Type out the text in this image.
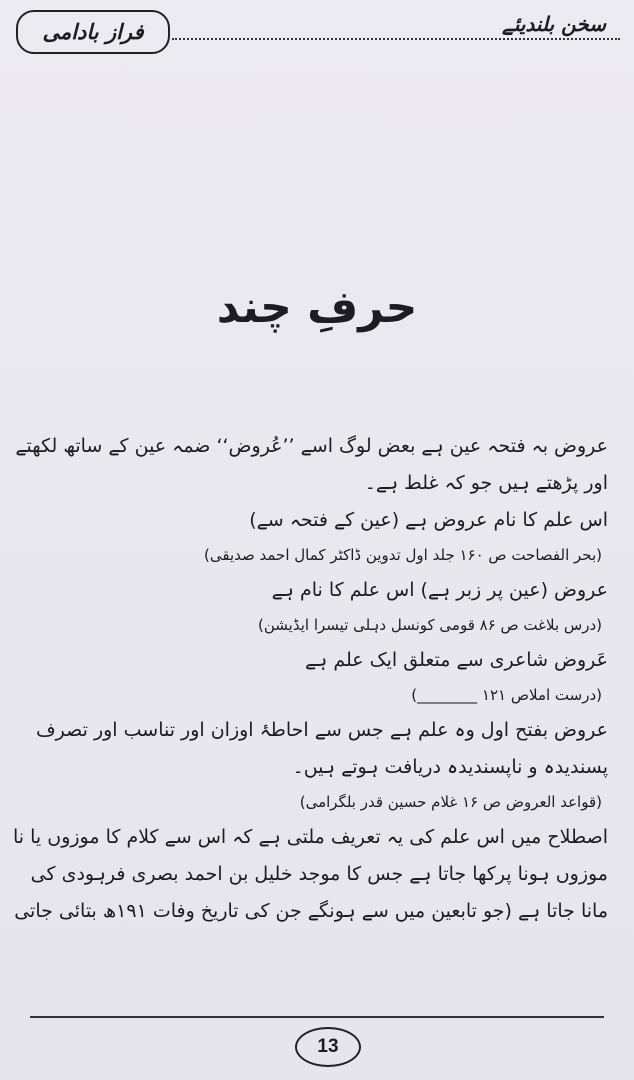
فراز بادامی	سخن بلندیئے
حرفِ چند
عروض بہ فتحہ عین ہے بعض لوگ اسے ’’عُروض‘‘ ضمہ عین کے ساتھ لکھتے
اور پڑھتے ہیں جو کہ غلط ہے۔
اس علم کا نام عروض ہے (عین کے فتحہ سے)
(بحر الفصاحت ص ۱۶۰ جلد اول تدوین ڈاکٹر کمال احمد صدیقی)
عروض (عین پر زبر ہے) اس علم کا نام ہے
(درس بلاغت ص ۸۶ قومی کونسل دہلی تیسرا ایڈیشن)
عَروض شاعری سے متعلق ایک علم ہے
(درست املاص ۱۲۱ ________)
عروض بفتح اول وہ علم ہے جس سے احاطۂ اوزان اور تناسب اور تصرف
پسندیدہ و ناپسندیدہ دریافت ہوتے ہیں۔
(قواعد العروض ص ۱۶ غلام حسین قدر بلگرامی)
اصطلاح میں اس علم کی یہ تعریف ملتی ہے کہ اس سے کلام کا موزوں یا نا
موزوں ہونا پرکھا جاتا ہے جس کا موجد خلیل بن احمد بصری فرہودی کی
مانا جاتا ہے (جو تابعین میں سے ہونگے جن کی تاریخ وفات ۱۹۱ھ بتائی جاتی
13
